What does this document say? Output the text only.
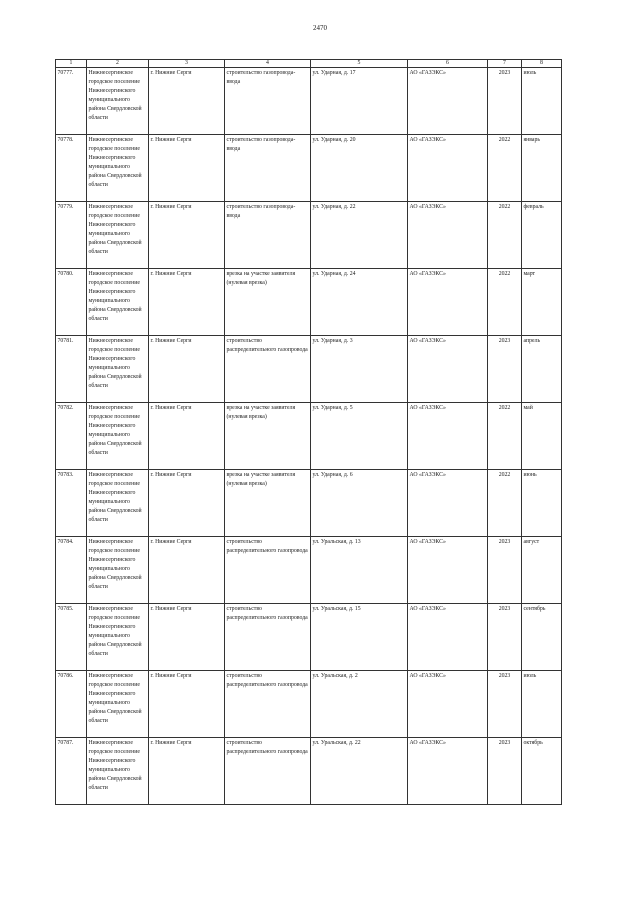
2470
1	2	3	4	5	6	7	8
70777.	Нижнесергинское городское поселение Нижнесергинского муниципального района Свердловской области	г. Нижние Серги	строительство газопровода-ввода	ул. Ударная, д. 17	АО «ГАЗЭКС»	2023	июль
70778.	Нижнесергинское городское поселение Нижнесергинского муниципального района Свердловской области	г. Нижние Серги	строительство газопровода-ввода	ул. Ударная, д. 20	АО «ГАЗЭКС»	2022	январь
70779.	Нижнесергинское городское поселение Нижнесергинского муниципального района Свердловской области	г. Нижние Серги	строительство газопровода-ввода	ул. Ударная, д. 22	АО «ГАЗЭКС»	2022	февраль
70780.	Нижнесергинское городское поселение Нижнесергинского муниципального района Свердловской области	г. Нижние Серги	врезка на участке заявителя (нулевая врезка)	ул. Ударная, д. 24	АО «ГАЗЭКС»	2022	март
70781.	Нижнесергинское городское поселение Нижнесергинского муниципального района Свердловской области	г. Нижние Серги	строительство распределительного газопровода	ул. Ударная, д. 3	АО «ГАЗЭКС»	2023	апрель
70782.	Нижнесергинское городское поселение Нижнесергинского муниципального района Свердловской области	г. Нижние Серги	врезка на участке заявителя (нулевая врезка)	ул. Ударная, д. 5	АО «ГАЗЭКС»	2022	май
70783.	Нижнесергинское городское поселение Нижнесергинского муниципального района Свердловской области	г. Нижние Серги	врезка на участке заявителя (нулевая врезка)	ул. Ударная, д. 6	АО «ГАЗЭКС»	2022	июнь
70784.	Нижнесергинское городское поселение Нижнесергинского муниципального района Свердловской области	г. Нижние Серги	строительство распределительного газопровода	ул. Уральская, д. 13	АО «ГАЗЭКС»	2023	август
70785.	Нижнесергинское городское поселение Нижнесергинского муниципального района Свердловской области	г. Нижние Серги	строительство распределительного газопровода	ул. Уральская, д. 15	АО «ГАЗЭКС»	2023	сентябрь
70786.	Нижнесергинское городское поселение Нижнесергинского муниципального района Свердловской области	г. Нижние Серги	строительство распределительного газопровода	ул. Уральская, д. 2	АО «ГАЗЭКС»	2023	июль
70787.	Нижнесергинское городское поселение Нижнесергинского муниципального района Свердловской области	г. Нижние Серги	строительство распределительного газопровода	ул. Уральская, д. 22	АО «ГАЗЭКС»	2023	октябрь
